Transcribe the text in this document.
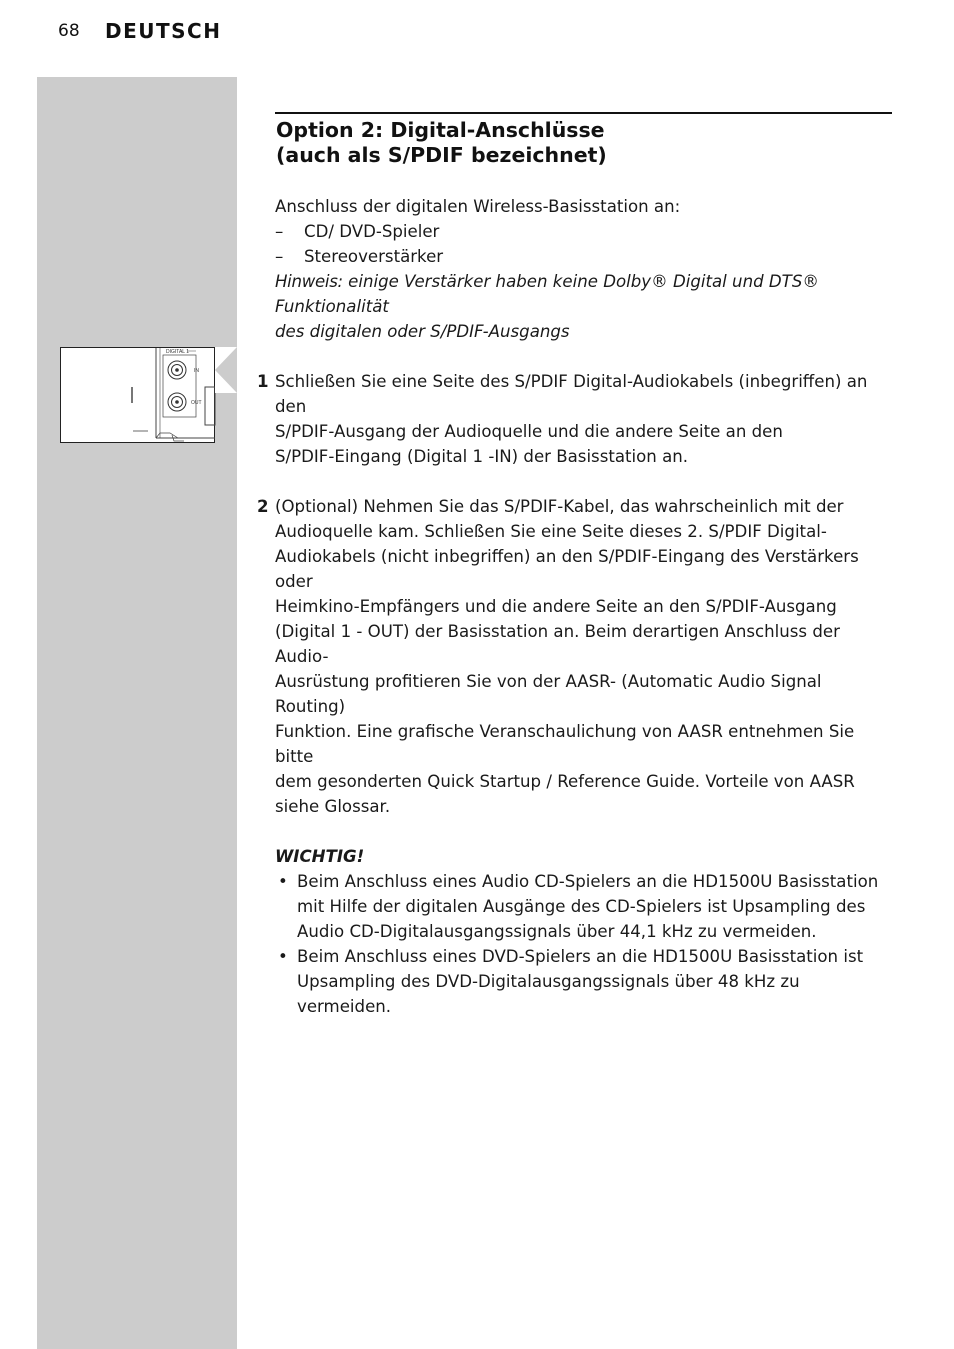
68 DEUTSCH
DIGITAL 1
IN
OUT
Option 2: Digital-Anschlüsse
(auch als S/PDIF bezeichnet)

Anschluss der digitalen Wireless-Basisstation an:

– CD/ DVD-Spieler
– Stereoverstärker

Hinweis: einige Verstärker haben keine Dolby® Digital und DTS® Funktionalität

des digitalen oder S/PDIF-Ausgangs

1 Schließen Sie eine Seite des S/PDIF Digital-Audiokabels (inbegriffen) an den
S/PDIF-Ausgang der Audioquelle und die andere Seite an den
S/PDIF-Eingang (Digital 1 -IN) der Basisstation an.
2 (Optional) Nehmen Sie das S/PDIF-Kabel, das wahrscheinlich mit der
Audioquelle kam. Schließen Sie eine Seite dieses 2. S/PDIF Digital-
Audiokabels (nicht inbegriffen) an den S/PDIF-Eingang des Verstärkers oder
Heimkino-Empfängers und die andere Seite an den S/PDIF-Ausgang
(Digital 1 - OUT) der Basisstation an. Beim derartigen Anschluss der Audio-
Ausrüstung profitieren Sie von der AASR- (Automatic Audio Signal Routing)
Funktion. Eine grafische Veranschaulichung von AASR entnehmen Sie bitte
dem gesonderten Quick Startup / Reference Guide. Vorteile von AASR
siehe Glossar.

WICHTIG!

• Beim Anschluss eines Audio CD-Spielers an die HD1500U Basisstation
mit Hilfe der digitalen Ausgänge des CD-Spielers ist Upsampling des
Audio CD-Digitalausgangssignals über 44,1 kHz zu vermeiden.
• Beim Anschluss eines DVD-Spielers an die HD1500U Basisstation ist
Upsampling des DVD-Digitalausgangssignals über 48 kHz zu vermeiden.
